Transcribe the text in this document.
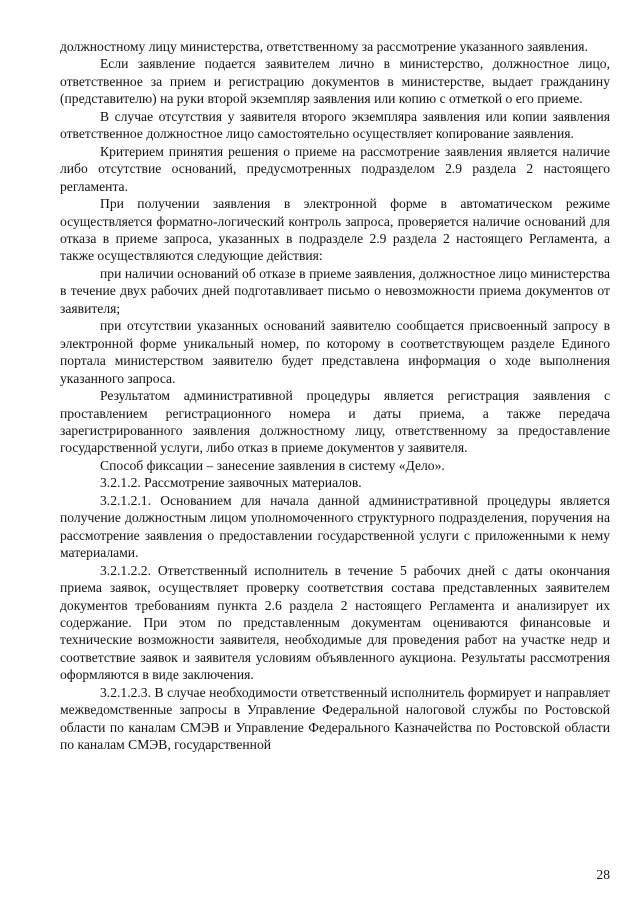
должностному лицу министерства, ответственному за рассмотрение указанного заявления.

Если заявление подается заявителем лично в министерство, должностное лицо, ответственное за прием и регистрацию документов в министерстве, выдает гражданину (представителю) на руки второй экземпляр заявления или копию с отметкой о его приеме.

В случае отсутствия у заявителя второго экземпляра заявления или копии заявления ответственное должностное лицо самостоятельно осуществляет копирование заявления.

Критерием принятия решения о приеме на рассмотрение заявления является наличие либо отсутствие оснований, предусмотренных подразделом 2.9 раздела 2 настоящего регламента.

При получении заявления в электронной форме в автоматическом режиме осуществляется форматно-логический контроль запроса, проверяется наличие оснований для отказа в приеме запроса, указанных в подразделе 2.9 раздела 2 настоящего Регламента, а также осуществляются следующие действия:

при наличии оснований об отказе в приеме заявления, должностное лицо министерства в течение двух рабочих дней подготавливает письмо о невозможности приема документов от заявителя;

при отсутствии указанных оснований заявителю сообщается присвоенный запросу в электронной форме уникальный номер, по которому в соответствующем разделе Единого портала министерством заявителю будет представлена информация о ходе выполнения указанного запроса.

Результатом административной процедуры является регистрация заявления с проставлением регистрационного номера и даты приема, а также передача зарегистрированного заявления должностному лицу, ответственному за предоставление государственной услуги, либо отказ в приеме документов у заявителя.

Способ фиксации – занесение заявления в систему «Дело».

3.2.1.2. Рассмотрение заявочных материалов.

3.2.1.2.1. Основанием для начала данной административной процедуры является получение должностным лицом уполномоченного структурного подразделения, поручения на рассмотрение заявления о предоставлении государственной услуги с приложенными к нему материалами.

3.2.1.2.2. Ответственный исполнитель в течение 5 рабочих дней с даты окончания приема заявок, осуществляет проверку соответствия состава представленных заявителем документов требованиям пункта 2.6 раздела 2 настоящего Регламента и анализирует их содержание. При этом по представленным документам оцениваются финансовые и технические возможности заявителя, необходимые для проведения работ на участке недр и соответствие заявок и заявителя условиям объявленного аукциона. Результаты рассмотрения оформляются в виде заключения.

3.2.1.2.3. В случае необходимости ответственный исполнитель формирует и направляет межведомственные запросы в Управление Федеральной налоговой службы по Ростовской области по каналам СМЭВ и Управление Федерального Казначейства по Ростовской области по каналам СМЭВ, государственной

28
